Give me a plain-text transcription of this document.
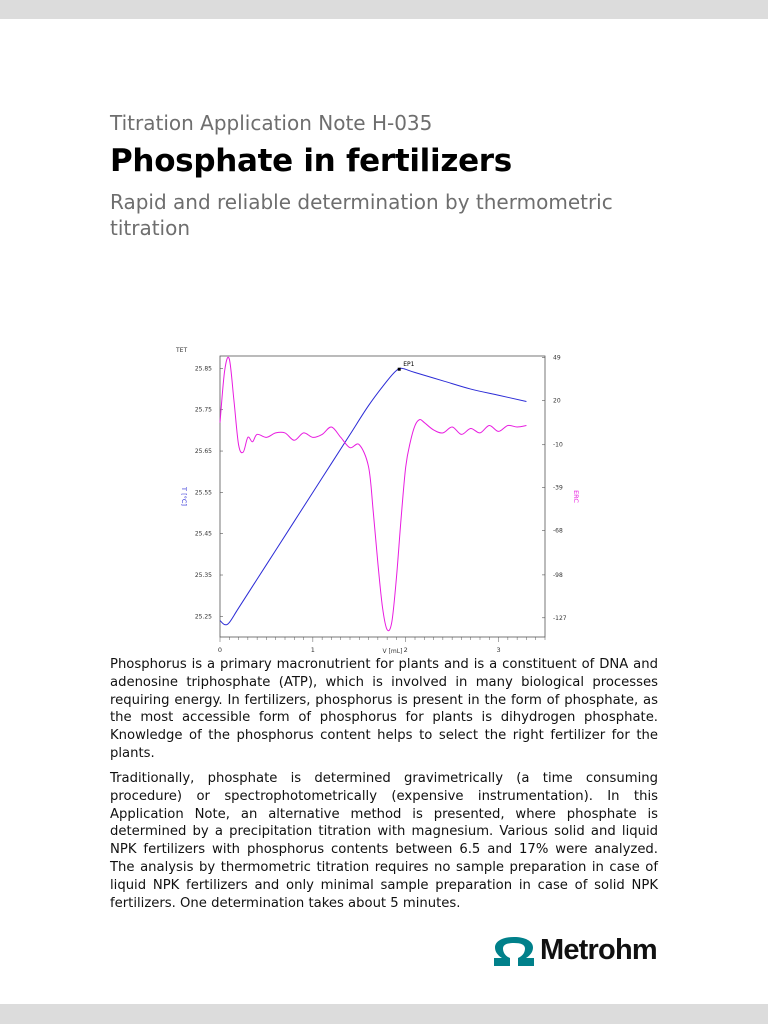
Titration Application Note H-035
Phosphate in fertilizers
Rapid and reliable determination by thermometric titration
TET
25.85
25.75
25.65
25.55
25.45
25.35
25.25
49
20
-10
-39
-68
-98
-127
0	1	2	3
V [mL]
T [°C]	ERC
EP1

Phosphorus is a primary macronutrient for plants and is a constituent of DNA and adenosine triphosphate (ATP), which is involved in many biological processes requiring energy. In fertilizers, phosphorus is present in the form of phosphate, as the most accessible form of phosphorus for plants is dihydrogen phosphate. Knowledge of the phosphorus content helps to select the right fertilizer for the plants.

Traditionally, phosphate is determined gravimetrically (a time consuming procedure) or spectrophotometrically (expensive instrumentation). In this Application Note, an alternative method is presented, where phosphate is determined by a precipitation titration with magnesium. Various solid and liquid NPK fertilizers with phosphorus contents between 6.5 and 17% were analyzed. The analysis by thermometric titration requires no sample preparation in case of liquid NPK fertilizers and only minimal sample preparation in case of solid NPK fertilizers. One determination takes about 5 minutes.

Metrohm
